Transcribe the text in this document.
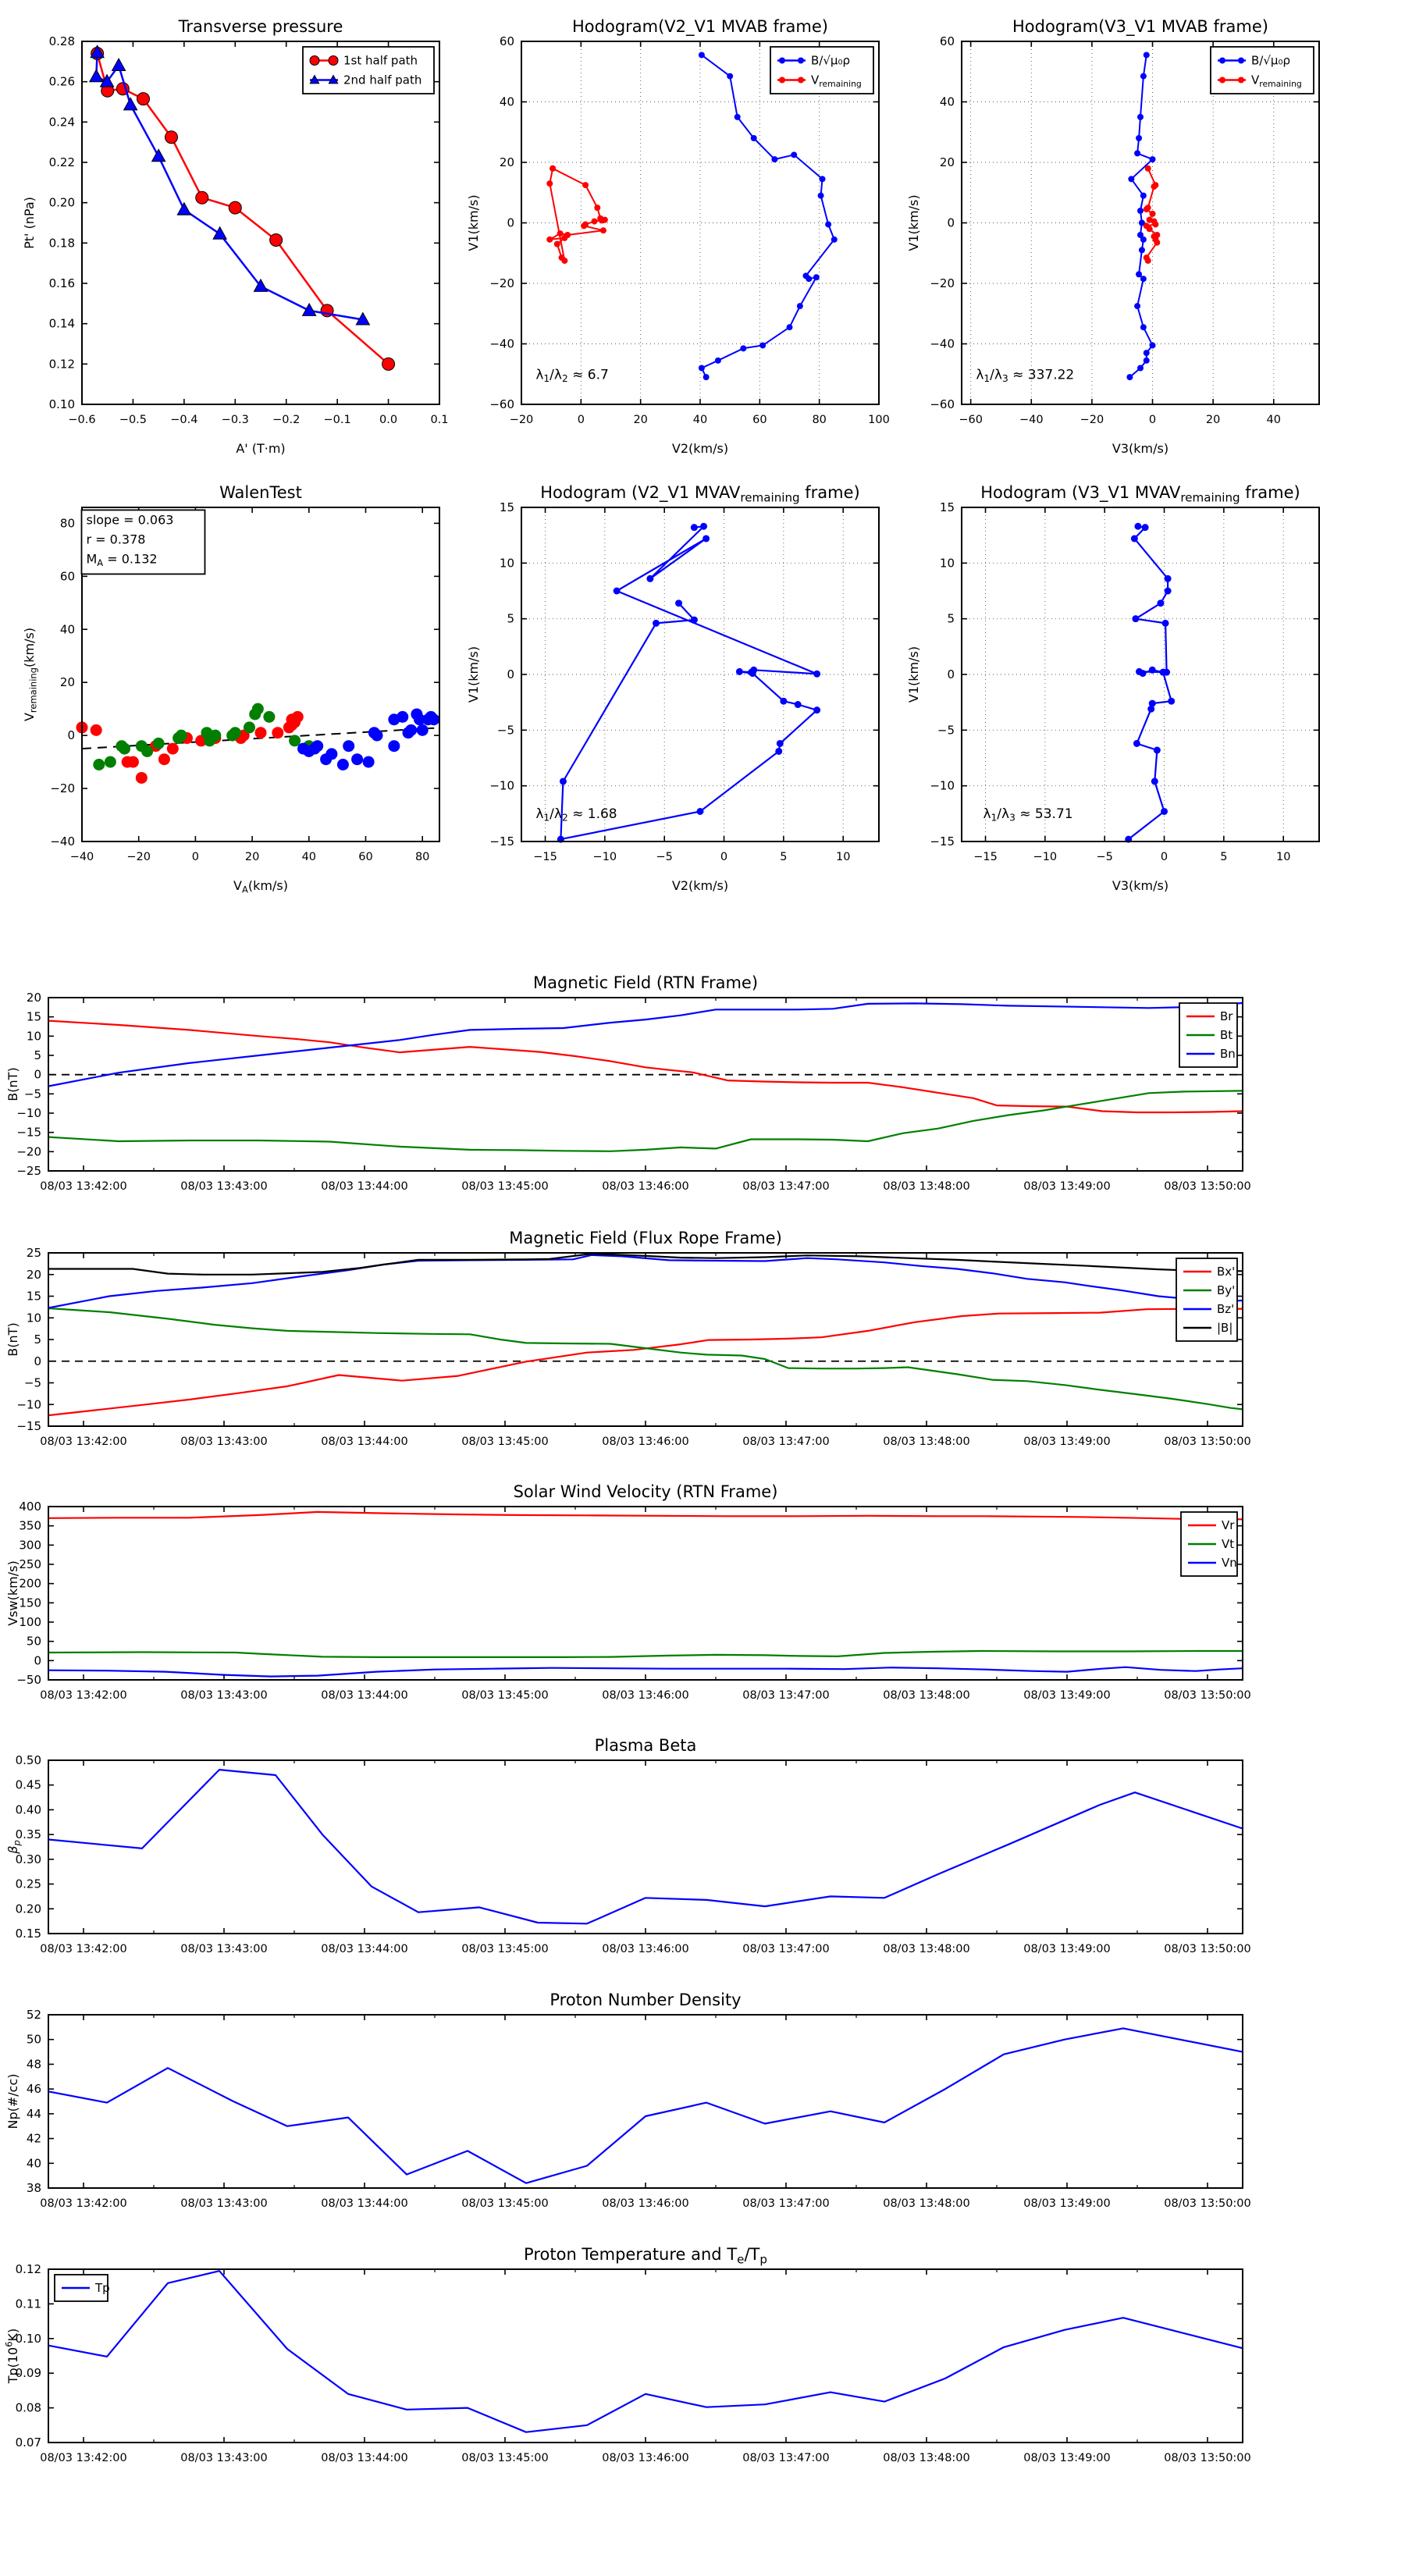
−0.6 −0.5 −0.4 −0.3 −0.2 −0.1	0.0	0.1
0.10
0.12
0.14
0.16
0.18
0.20
0.22
0.24
0.26
0.28
Transverse pressure
A' (T·m)
Pt' (nPa)
1st half path
2nd half path
−20	0	20	40	60	80	100
−60
−40
−20
0
20
40
60
Hodogram(V2_V1 MVAB frame)
V2(km/s)
V1(km/s)
B/√μ₀ρ
$V_{remaining}$
$\lambda_1/\lambda_2 \approx 6.7$
−60	−40	−20	0	20	40
−60
−40
−20
0
20
40
60
Hodogram(V3_V1 MVAB frame)
V3(km/s)
V1(km/s)
B/√μ₀ρ
$V_{remaining}$
$\lambda_1/\lambda_3 \approx 337.22$
−40	−20	0	20	40	60	80
−40
−20
0
20
40
60
80
WalenTest
$V_A(km/s)$
$V_{remaining}(km/s)$
slope = 0.063
r = 0.378
$M_A = 0.132$
−15	−10	−5	0	5	10
−15
−10
−5
0
5
10
15
Hodogram (V2_V1 $MVAV_{remaining}$ frame)
V2(km/s)
V1(km/s)
$\lambda_1/\lambda_2 \approx 1.68$
−15	−10	−5	0	5	10
−15
−10
−5
0
5
10
15
Hodogram (V3_V1 $MVAV_{remaining}$ frame)
V3(km/s)
V1(km/s)
$\lambda_1/\lambda_3 \approx 53.71$
08/03 13:42:00	08/03 13:43:00	08/03 13:44:00	08/03 13:45:00	08/03 13:46:00	08/03 13:47:00	08/03 13:48:00	08/03 13:49:00	08/03 13:50:00
−25
−20
−15
−10
−5
0
5
10
15
20
Magnetic Field (RTN Frame)
B(nT)
Br
Bt
Bn
08/03 13:42:00	08/03 13:43:00	08/03 13:44:00	08/03 13:45:00	08/03 13:46:00	08/03 13:47:00	08/03 13:48:00	08/03 13:49:00	08/03 13:50:00
−15
−10
−5
0
5
10
15
20
25
Magnetic Field (Flux Rope Frame)
B(nT)
Bx'
By'
Bz'
|B|
08/03 13:42:00	08/03 13:43:00	08/03 13:44:00	08/03 13:45:00	08/03 13:46:00	08/03 13:47:00	08/03 13:48:00	08/03 13:49:00	08/03 13:50:00
−50
0
50
100
150
200
250
300
350
400
Solar Wind Velocity (RTN Frame)
Vsw(km/s)
Vr
Vt
Vn
08/03 13:42:00	08/03 13:43:00	08/03 13:44:00	08/03 13:45:00	08/03 13:46:00	08/03 13:47:00	08/03 13:48:00	08/03 13:49:00	08/03 13:50:00
0.15
0.20
0.25
0.30
0.35
0.40
0.45
0.50
Plasma Beta
$\beta_p$
08/03 13:42:00	08/03 13:43:00	08/03 13:44:00	08/03 13:45:00	08/03 13:46:00	08/03 13:47:00	08/03 13:48:00	08/03 13:49:00	08/03 13:50:00
38
40
42
44
46
48
50
52
Proton Number Density
Np(#/cc)
08/03 13:42:00	08/03 13:43:00	08/03 13:44:00	08/03 13:45:00	08/03 13:46:00	08/03 13:47:00	08/03 13:48:00	08/03 13:49:00	08/03 13:50:00
0.07
0.08
0.09
0.10
0.11
0.12
Proton Temperature and $T_e/T_p$
$Tp(10^6K)$
Tp
